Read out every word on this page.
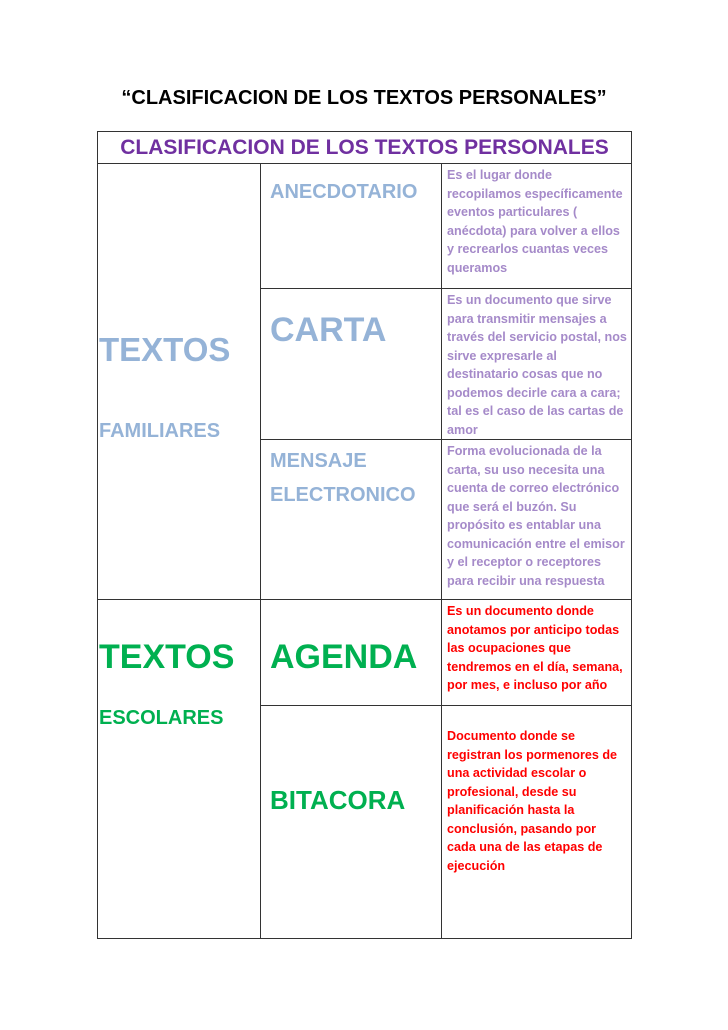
“CLASIFICACION DE LOS TEXTOS PERSONALES”
CLASIFICACION DE LOS TEXTOS PERSONALES		

TEXTOS
FAMILIARES	ANECDOTARIO	Es el lugar donde recopilamos específicamente eventos particulares ( anécdota) para volver a ellos y recrearlos cuantas veces queramos

	CARTA	Es un documento que sirve para transmitir mensajes a través del servicio postal, nos sirve expresarle al destinatario cosas que no podemos decirle cara a cara; tal es el caso de las cartas de amor

	MENSAJE
ELECTRONICO	Forma evolucionada de la carta, su uso necesita una cuenta de correo electrónico que será el buzón. Su propósito es entablar una comunicación entre el emisor y el receptor o receptores para recibir una respuesta

TEXTOS
ESCOLARES	AGENDA	Es un documento donde anotamos por anticipo todas las ocupaciones que tendremos en el día, semana, por mes, e incluso por año

	BITACORA	Documento donde se registran los pormenores de una actividad escolar o profesional, desde su planificación hasta la conclusión, pasando por cada una de las etapas de ejecución
